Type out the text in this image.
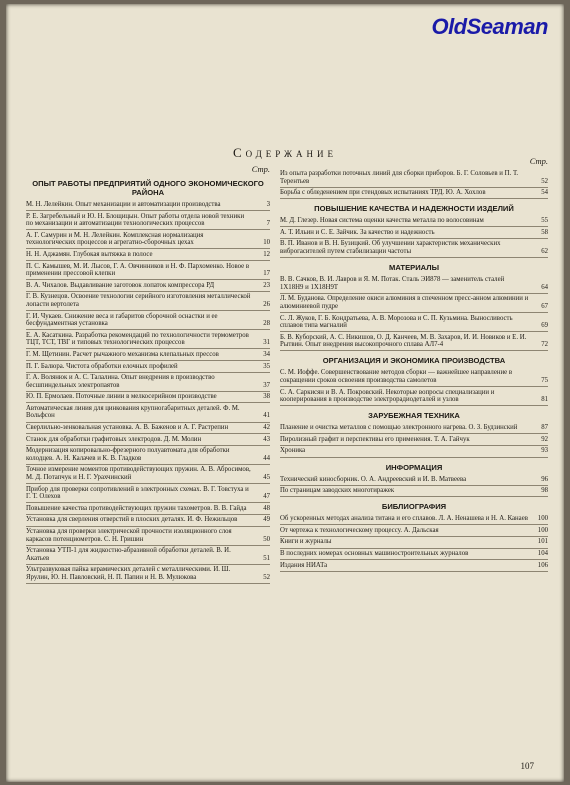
OldSeaman
Содержание
Стр.
ОПЫТ РАБОТЫ ПРЕДПРИЯТИЙ ОДНОГО ЭКОНОМИЧЕСКОГО РАЙОНА
М. Н. Лелейкин. Опыт механизации и автоматизации производства	3
Р. Е. Загребельный и Ю. Н. Блощицын. Опыт работы отдела новой техники по механизации и автоматизации технологических процессов	7
А. Г. Самурин и М. Н. Лелейкин. Комплексная нормализация технологических процессов и агрегатно-сборочных цехах	10
Н. Н. Аджамян. Глубокая вытяжка в полосе	12
П. С. Камышев, М. И. Лысов, Г. А. Овчинников и Н. Ф. Пархоменко. Новое в применении прессовой клепки	17
В. А. Чихалов. Выдавливание заготовок лопаток компрессора РД	23
Г. В. Кузнецов. Освоение технологии серийного изготовления металлической лопасти вертолета	26
Г. И. Чукаев. Снижение веса и габаритов сборочной оснастки и ее бесфундаментная установка	28
Е. А. Касаткина. Разработка рекомендаций по технологичности термометров ТЦТ, ТСТ, ТВГ и типовых технологических процессов	31
Г. М. Щетинин. Расчет рычажного механизма клепальных прессов	34
П. Г. Балюра. Чистота обработки елочных профилей	35
Г. А. Волянюк и А. С. Талалина. Опыт внедрения в производство бесшпиндельных электропаятов	37
Ю. П. Ермолаев. Поточные линии в мелкосерийном производстве	38
Автоматическая линия для цинкования крупногабаритных деталей. Ф. М. Вольфсон	41
Сверлильно-зенковальная установка. А. В. Баженов и А. Г. Растрепин	42
Станок для обработки графитовых электродов. Д. М. Молин	43
Модернизация копировально-фрезерного полуавтомата для обработки колодцев. А. Н. Калачев и К. В. Гладков	44
Точное измерение моментов противодействующих пружин. А. В. Абросимов, М. Д. Потапчук и Н. Г. Урахчинский	45
Прибор для проверки сопротивлений в электронных схемах. В. Г. Товстуха и Г. Т. Олехов	47
Повышение качества противодействующих пружин тахометров. В. В. Гайда	48
Установка для сверления отверстий в плоских деталях. И. Ф. Нежильцов	49
Установка для проверки электрической прочности изоляционного слоя каркасов потенциометров. С. Н. Гришин	50
Установка УТП-1 для жидкостно-абразивной обработки деталей. В. И. Акатьев	51
Ультразвуковая пайка керамических деталей с металлическими. И. Ш. Ярулин, Ю. Н. Павловский, Н. П. Папин и Н. В. Мулюкова	52
Стр.
Из опыта разработки поточных линий для сборки приборов. Б. Г. Соловьев и П. Т. Терентьев	52
Борьба с обледенением при стендовых испытаниях ТРД. Ю. А. Хохлов	54
ПОВЫШЕНИЕ КАЧЕСТВА И НАДЕЖНОСТИ ИЗДЕЛИЙ
М. Д. Глезер. Новая система оценки качества металла по волосовинам	55
А. Т. Ильин и С. Е. Зайчик. За качество и надежность	58
В. П. Иванов и В. Н. Бузицкий. Об улучшении характеристик механических виброгасителей путем стабилизации частоты	62
МАТЕРИАЛЫ
В. В. Сачков, В. И. Лавров и Я. М. Потак. Сталь ЭИ878 — заменитель сталей 1Х18Н9 и 1Х18Н9Т	64
Л. М. Буданова. Определение окиси алюминия в спеченном пресс-анном алюминии и алюминиевой пудре	67
С. Л. Жуков, Г. Б. Кондратьева, А. В. Морозова и С. П. Кузьмина. Выносливость сплавов типа магналий	69
Б. В. Куборский, А. С. Никишов, О. Д. Канчеев, М. В. Захаров, И. И. Новиков и Е. И. Рытвин. Опыт внедрения высокопрочного сплава АЛ7-4	72
ОРГАНИЗАЦИЯ И ЭКОНОМИКА ПРОИЗВОДСТВА
С. М. Иоффе. Совершенствование методов сборки — важнейшее направление в сокращении сроков освоения производства самолетов	75
С. А. Саркисян и В. А. Покровский. Некоторые вопросы специализации и кооперирования в производстве электрорадиодеталей и узлов	81
ЗАРУБЕЖНАЯ ТЕХНИКА
Планение и очистка металлов с помощью электронного нагрева. О. З. Будзинский	87
Пиролизный графит и перспективы его применения. Т. А. Гайчук	92
Хроника	93
ИНФОРМАЦИЯ
Технический киносборник. О. А. Андреевский и И. В. Матвеева	96
По страницам заводских многотиражек	98
БИБЛИОГРАФИЯ
Об ускоренных методах анализа титана и его сплавов. Л. А. Ненашева и Н. А. Канаев	100
От чертежа к технологическому процессу. А. Дальская	100
Книги и журналы	101
В последних номерах основных машиностроительных журналов	104
Издания НИАТа	106
107
